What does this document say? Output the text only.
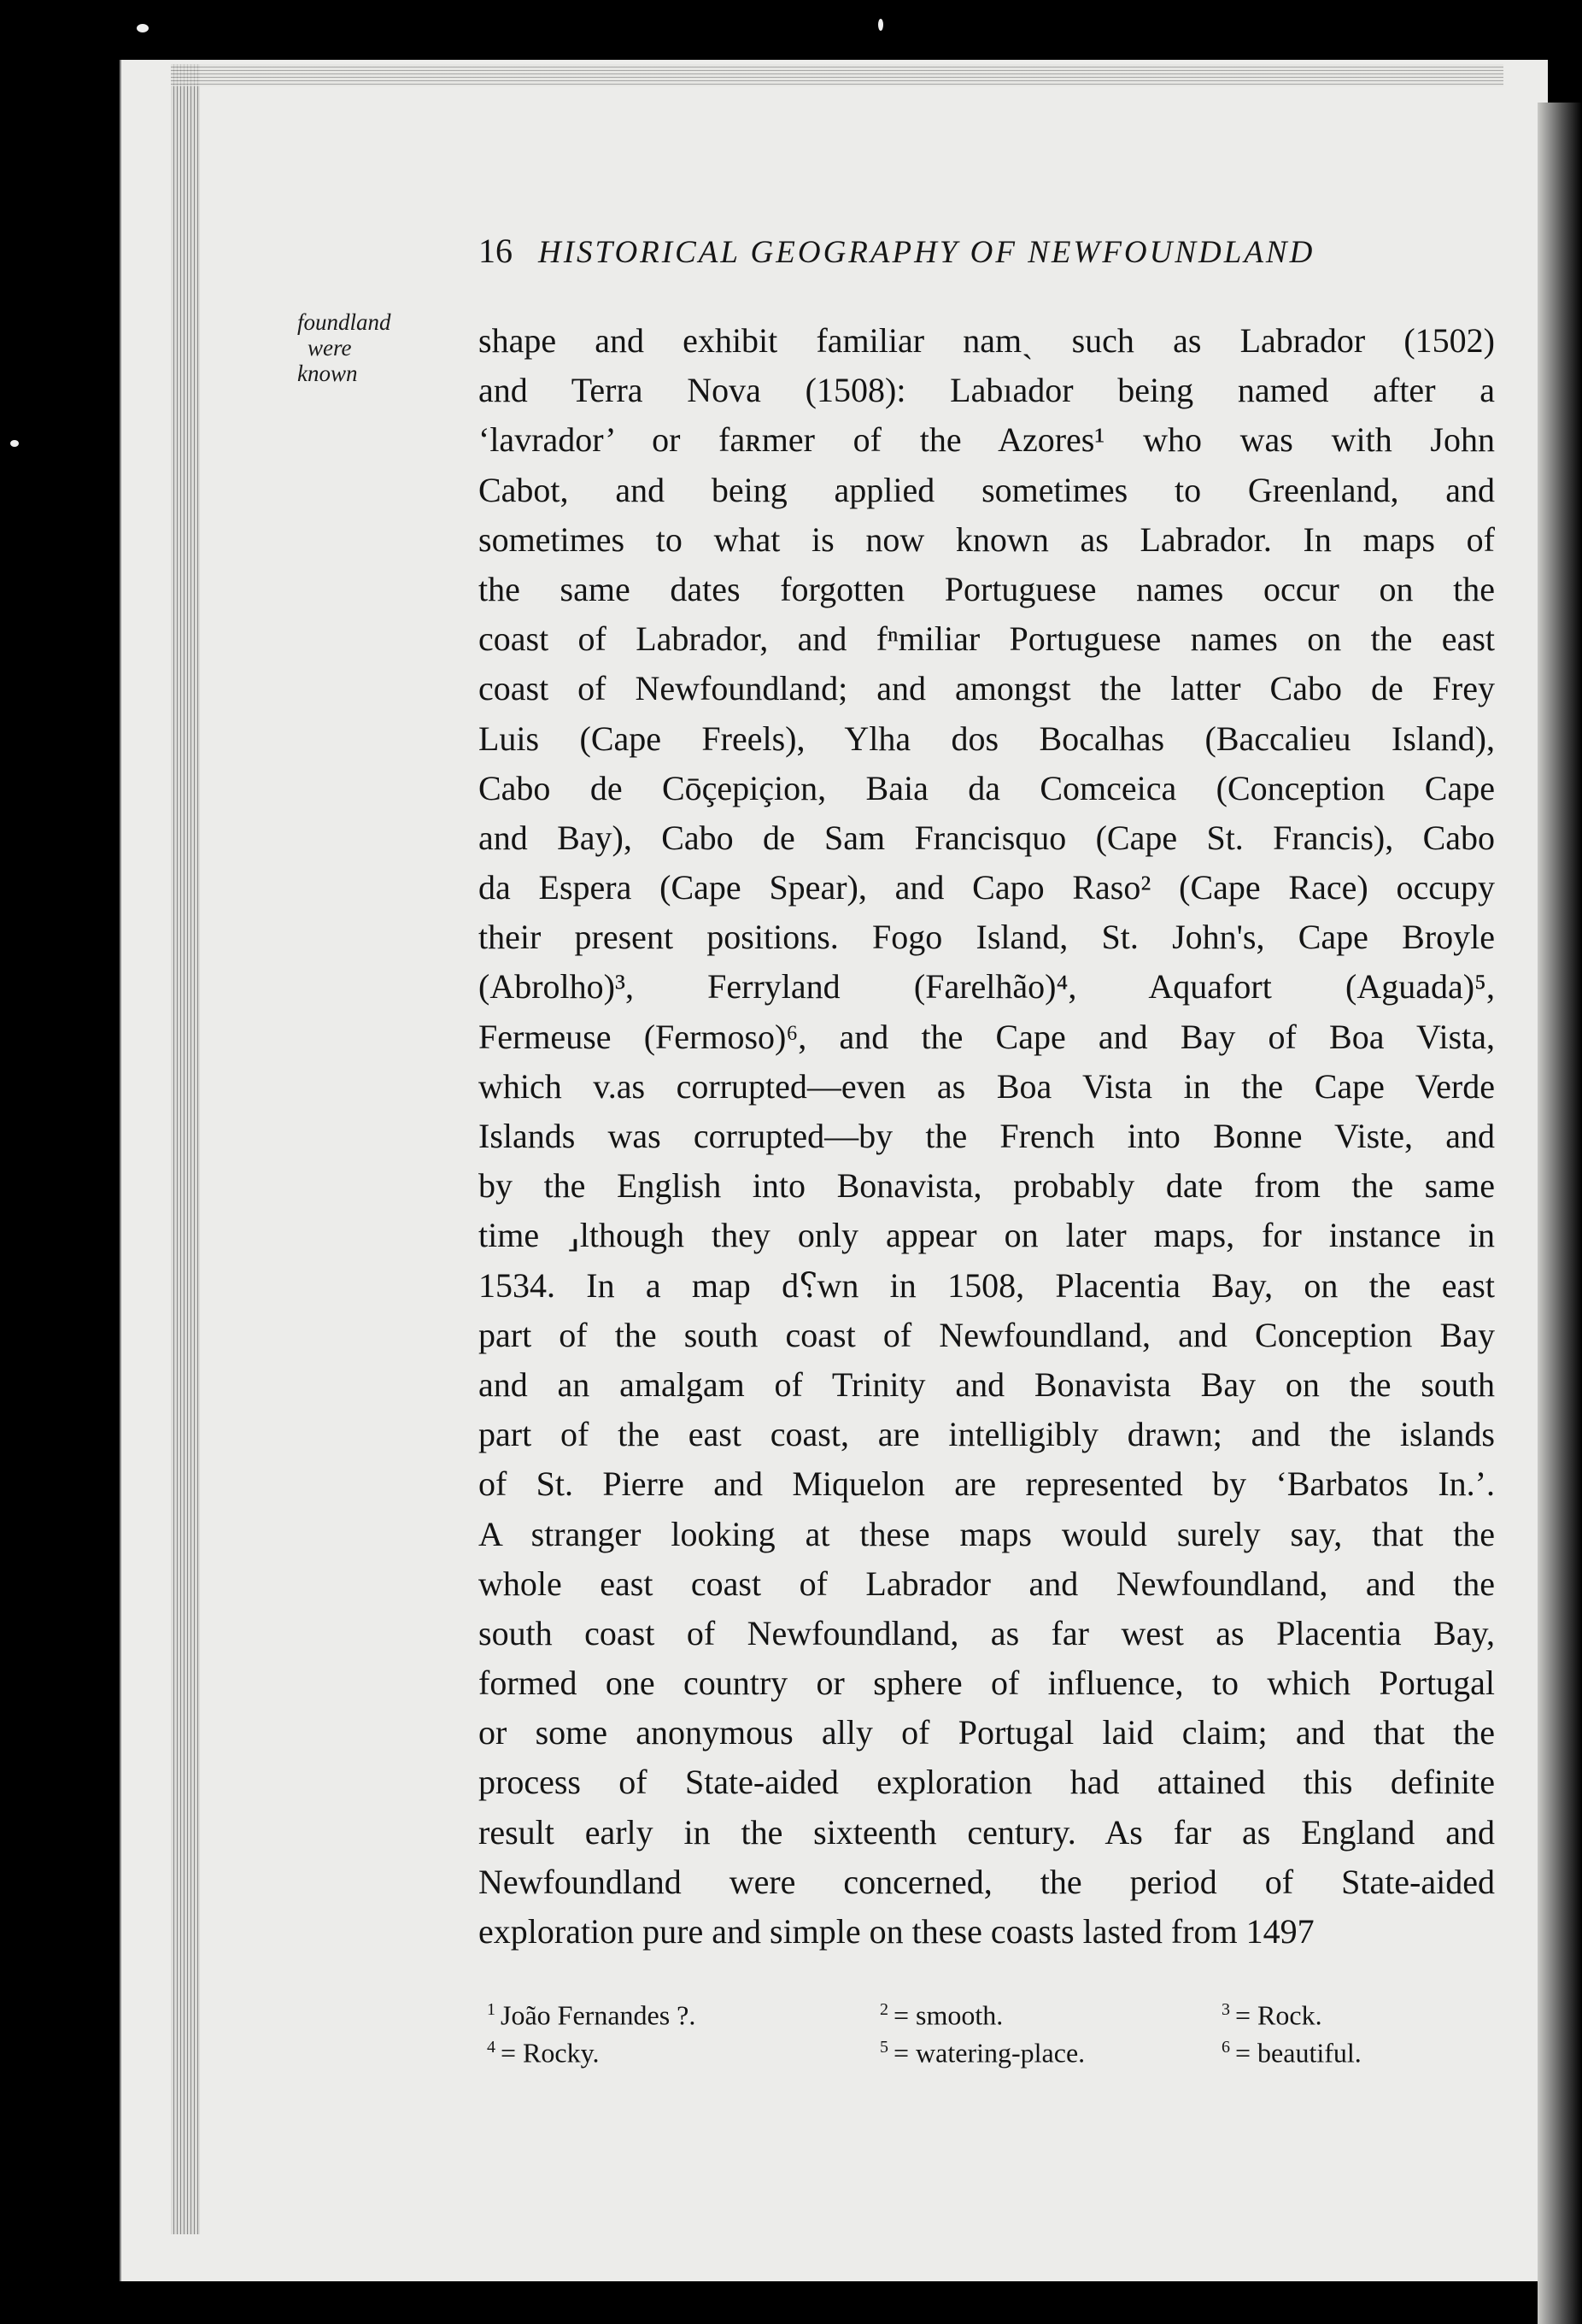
16 HISTORICAL GEOGRAPHY OF NEWFOUNDLAND
foundland
were
known
shape and exhibit familiar namˎ such as Labrador (1502)
and Terra Nova (1508): Labıador being named after a
‘lavrador’ or faʀmer of the Azores¹ who was with John
Cabot, and being applied sometimes to Greenland, and
sometimes to what is now known as Labrador. In maps of
the same dates forgotten Portuguese names occur on the
coast of Labrador, and fⁿmiliar Portuguese names on the east
coast of Newfoundland; and amongst the latter Cabo de Frey
Luis (Cape Freels), Ylha dos Bocalhas (Baccalieu Island),
Cabo de Cōçepiçion, Baia da Comceica (Conception Cape
and Bay), Cabo de Sam Francisquo (Cape St. Francis), Cabo
da Espera (Cape Spear), and Capo Raso² (Cape Race) occupy
their present positions. Fogo Island, St. John's, Cape Broyle
(Abrolho)³, Ferryland (Farelhão)⁴, Aquafort (Aguada)⁵,
Fermeuse (Fermoso)⁶, and the Cape and Bay of Boa Vista,
which v.as corrupted—even as Boa Vista in the Cape Verde
Islands was corrupted—by the French into Bonne Viste, and
by the English into Bonavista, probably date from the same
time ⸥lthough they only appear on later maps, for instance in
1534. In a map d⸮wn in 1508, Placentia Bay, on the east
part of the south coast of Newfoundland, and Conception Bay
and an amalgam of Trinity and Bonavista Bay on the south
part of the east coast, are intelligibly drawn; and the islands
of St. Pierre and Miquelon are represented by ‘Barbatos In.’.
A stranger looking at these maps would surely say, that the
whole east coast of Labrador and Newfoundland, and the
south coast of Newfoundland, as far west as Placentia Bay,
formed one country or sphere of influence, to which Portugal
or some anonymous ally of Portugal laid claim; and that the
process of State-aided exploration had attained this definite
result early in the sixteenth century. As far as England and
Newfoundland were concerned, the period of State-aided
exploration pure and simple on these coasts lasted from 1497
$^1$ João Fernandes ?.	$^2$ = smooth.	$^3$ = Rock.
$^4$ = Rocky.	$^5$ = watering-place.	$^6$ = beautiful.
